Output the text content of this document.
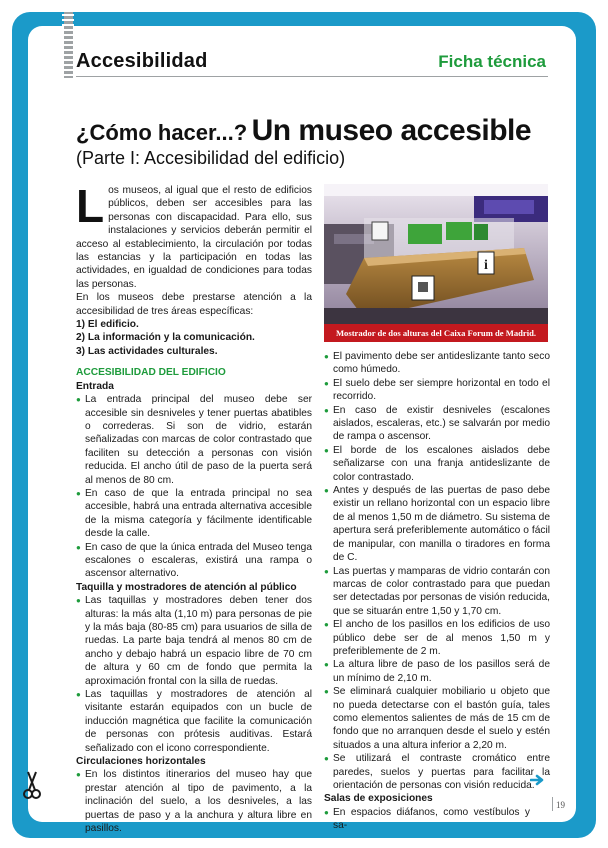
Accesibilidad	Ficha técnica
¿Cómo hacer...? Un museo accesible
(Parte I: Accesibilidad del edificio)

Los museos, al igual que el resto de edificios públicos, deben ser accesibles para las personas con discapacidad. Para ello, sus instalaciones y servicios deberán permitir el acceso al establecimiento, la circulación por todas las estancias y la participación en todas las actividades, en igualdad de condiciones para todas las personas.

En los museos debe prestarse atención a la accesibilidad de tres áreas específicas:

1) El edificio.

2) La información y la comunicación.

3) Las actividades culturales.

ACCESIBILIDAD DEL EDIFICIO

Entrada

● La entrada principal del museo debe ser accesible sin desniveles y tener puertas abatibles o correderas. Si son de vidrio, estarán señalizadas con marcas de color contrastado que faciliten su detección a personas con visión reducida. El ancho útil de paso de la puerta será al menos de 80 cm.

● En caso de que la entrada principal no sea accesible, habrá una entrada alternativa accesible de la misma categoría y fácilmente identificable desde la calle.

● En caso de que la única entrada del Museo tenga escalones o escaleras, existirá una rampa o ascensor alternativo.

Taquilla y mostradores de atención al público

● Las taquillas y mostradores deben tener dos alturas: la más alta (1,10 m) para personas de pie y la más baja (80-85 cm) para usuarios de silla de ruedas. La parte baja tendrá al menos 80 cm de ancho y debajo habrá un espacio libre de 70 cm de altura y 60 cm de fondo que permita la aproximación frontal con la silla de ruedas.

● Las taquillas y mostradores de atención al visitante estarán equipados con un bucle de inducción magnética que facilite la comunicación de personas con prótesis auditivas. Estará señalizado con el icono correspondiente.

Circulaciones horizontales

● En los distintos itinerarios del museo hay que prestar atención al tipo de pavimento, a la inclinación del suelo, a los desniveles, a las puertas de paso y a la anchura y altura libre en pasillos.

i
Mostrador de dos alturas del Caixa Forum de Madrid.

● El pavimento debe ser antideslizante tanto seco como húmedo.

● El suelo debe ser siempre horizontal en todo el recorrido.

● En caso de existir desniveles (escalones aislados, escaleras, etc.) se salvarán por medio de rampa o ascensor.

● El borde de los escalones aislados debe señalizarse con una franja antideslizante de color contrastado.

● Antes y después de las puertas de paso debe existir un rellano horizontal con un espacio libre de al menos 1,50 m de diámetro. Su sistema de apertura será preferiblemente automático o fácil de manipular, con manilla o tiradores en forma de C.

● Las puertas y mamparas de vidrio contarán con marcas de color contrastado para que puedan ser detectadas por personas de visión reducida, que se situarán entre 1,50 y 1,70 cm.

● El ancho de los pasillos en los edificios de uso público debe ser de al menos 1,50 m y preferiblemente de 2 m.

● La altura libre de paso de los pasillos será de un mínimo de 2,10 m.

● Se eliminará cualquier mobiliario u objeto que no pueda detectarse con el bastón guía, tales como elementos salientes de más de 15 cm de fondo que no arranquen desde el suelo y estén situados a una altura inferior a 2,20 m.

● Se utilizará el contraste cromático entre paredes, suelos y puertas para facilitar la orientación de personas con visión reducida.

Salas de exposiciones

● En espacios diáfanos, como vestíbulos y sa-

19
